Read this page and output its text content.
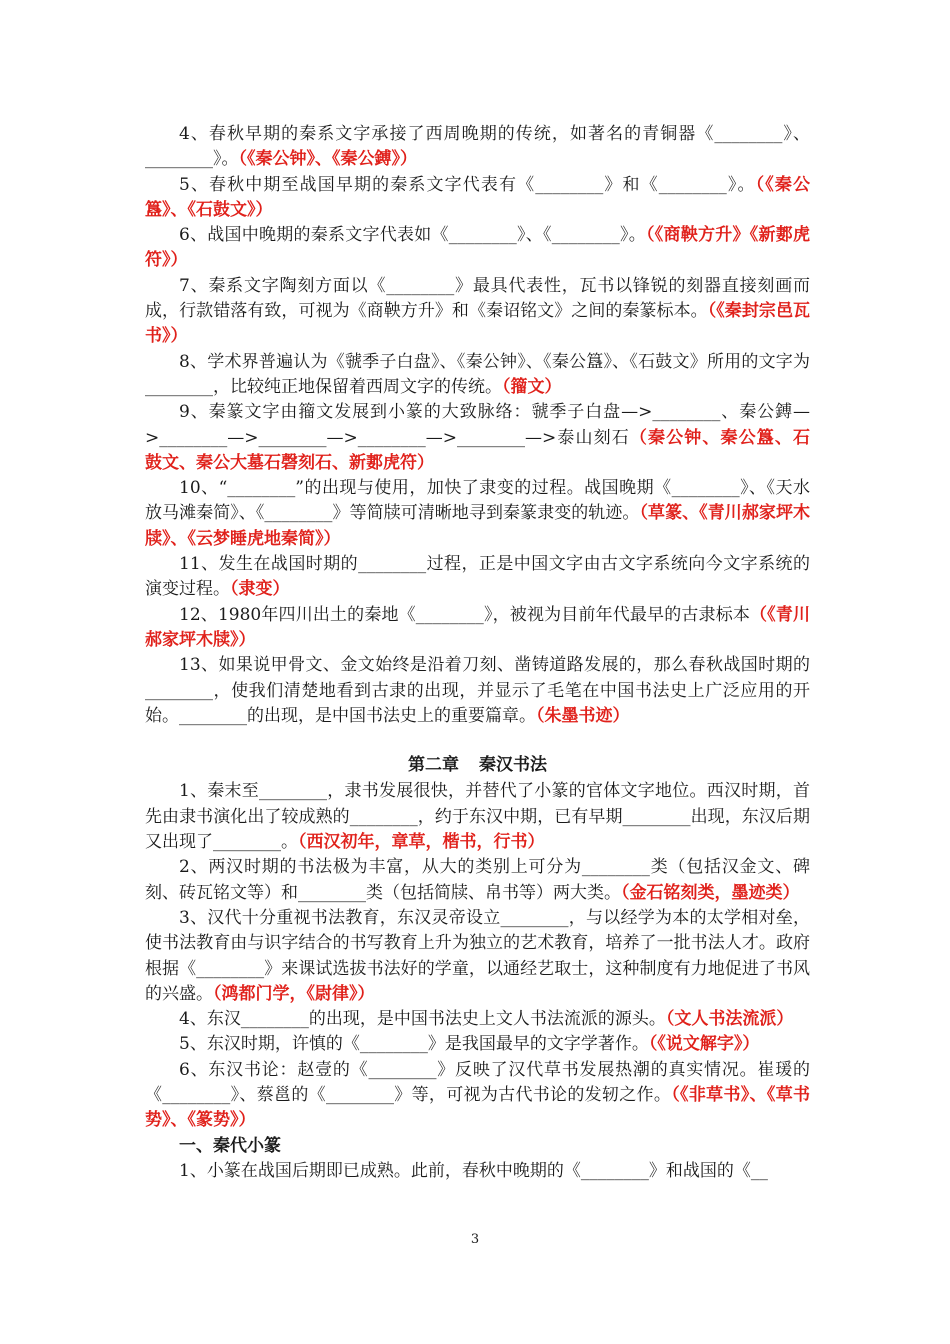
4、春秋早期的秦系文字承接了西周晚期的传统，如著名的青铜器《________》、________》。（《秦公钟》、《秦公鎛》）

5、春秋中期至战国早期的秦系文字代表有《________》和《________》。（《秦公簋》、《石鼓文》）

6、战国中晚期的秦系文字代表如《________》、《________》。（《商鞅方升》《新郪虎符》）

7、秦系文字陶刻方面以《________》最具代表性，瓦书以锋锐的刻器直接刻画而成，行款错落有致，可视为《商鞅方升》和《秦诏铭文》之间的秦篆标本。（《秦封宗邑瓦书》）

8、学术界普遍认为《虢季子白盘》、《秦公钟》、《秦公簋》、《石鼓文》所用的文字为________，比较纯正地保留着西周文字的传统。（籀文）

9、秦篆文字由籀文发展到小篆的大致脉络：虢季子白盘—>________、秦公鎛—>________—>________—>________—>________—>泰山刻石（秦公钟、秦公簋、石鼓文、秦公大墓石磬刻石、新郪虎符）

10、“________”的出现与使用，加快了隶变的过程。战国晚期《________》、《天水放马滩秦简》、《________》等简牍可清晰地寻到秦篆隶变的轨迹。（草篆、《青川郝家坪木牍》、《云梦睡虎地秦简》）

11、发生在战国时期的________过程，正是中国文字由古文字系统向今文字系统的演变过程。（隶变）

12、1980年四川出土的秦地《________》，被视为目前年代最早的古隶标本（《青川郝家坪木牍》）

13、如果说甲骨文、金文始终是沿着刀刻、凿铸道路发展的，那么春秋战国时期的________，使我们清楚地看到古隶的出现，并显示了毛笔在中国书法史上广泛应用的开始。________的出现，是中国书法史上的重要篇章。（朱墨书迹）

第二章 秦汉书法

1、秦末至________，隶书发展很快，并替代了小篆的官体文字地位。西汉时期，首先由隶书演化出了较成熟的________，约于东汉中期，已有早期________出现，东汉后期又出现了________。（西汉初年，章草，楷书，行书）

2、两汉时期的书法极为丰富，从大的类别上可分为________类（包括汉金文、碑刻、砖瓦铭文等）和________类（包括简牍、帛书等）两大类。（金石铭刻类，墨迹类）

3、汉代十分重视书法教育，东汉灵帝设立________，与以经学为本的太学相对垒，使书法教育由与识字结合的书写教育上升为独立的艺术教育，培养了一批书法人才。政府根据《________》来课试选拔书法好的学童，以通经艺取士，这种制度有力地促进了书风的兴盛。（鸿都门学，《尉律》）

4、东汉________的出现，是中国书法史上文人书法流派的源头。（文人书法流派）

5、东汉时期，许慎的《________》是我国最早的文字学著作。（《说文解字》）

6、东汉书论：赵壹的《________》反映了汉代草书发展热潮的真实情况。崔瑗的《________》、蔡邕的《________》等，可视为古代书论的发轫之作。（《非草书》、《草书势》、《篆势》）

一、秦代小篆

1、小篆在战国后期即已成熟。此前，春秋中晚期的《________》和战国的《__

3
